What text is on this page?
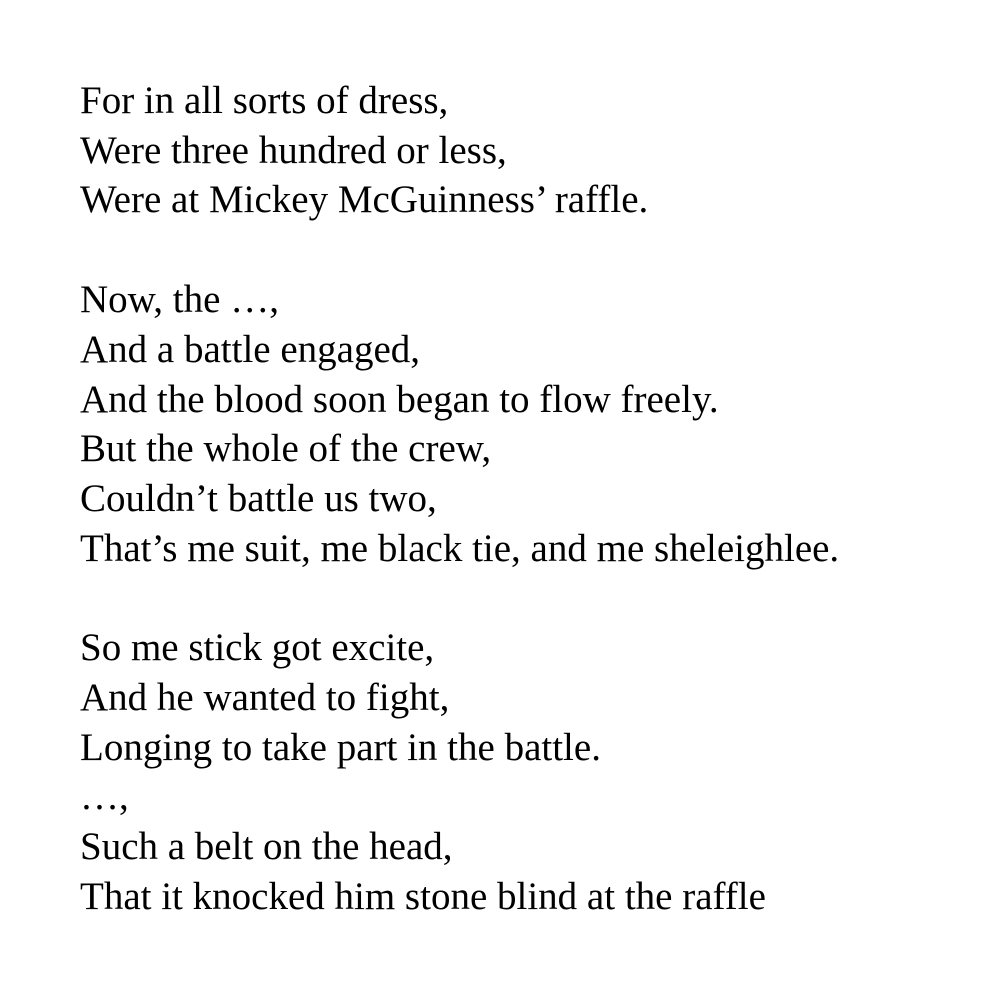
For in all sorts of dress,
Were three hundred or less,
Were at Mickey McGuinness’ raffle.
Now, the …,
And a battle engaged,
And the blood soon began to flow freely.
But the whole of the crew,
Couldn’t battle us two,
That’s me suit, me black tie, and me sheleighlee.
So me stick got excite,
And he wanted to fight,
Longing to take part in the battle.
…,
Such a belt on the head,
That it knocked him stone blind at the raffle
